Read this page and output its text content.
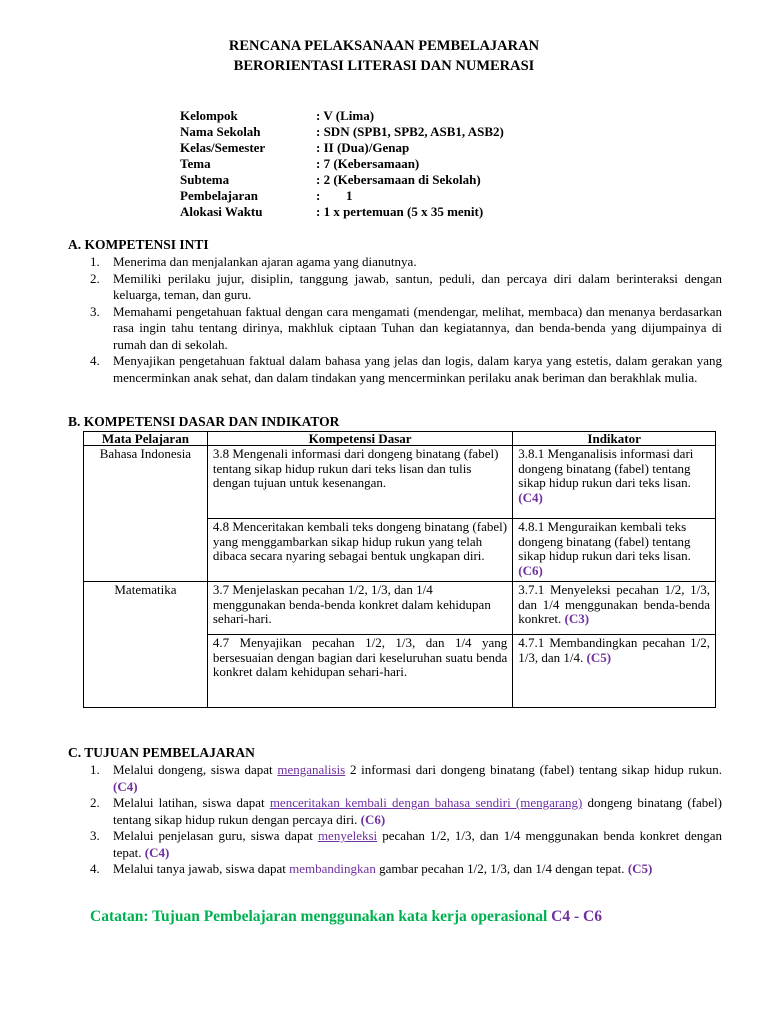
RENCANA PELAKSANAAN PEMBELAJARAN
BERORIENTASI LITERASI DAN NUMERASI
Kelompok	: V (Lima)
Nama Sekolah	: SDN (SPB1, SPB2, ASB1, ASB2)
Kelas/Semester	: II (Dua)/Genap
Tema	: 7 (Kebersamaan)
Subtema	: 2 (Kebersamaan di Sekolah)
Pembelajaran	:	1
Alokasi Waktu	: 1 x pertemuan (5 x 35 menit)
A. KOMPETENSI INTI
1. Menerima dan menjalankan ajaran agama yang dianutnya.
2. Memiliki perilaku jujur, disiplin, tanggung jawab, santun, peduli, dan percaya diri dalam berinteraksi dengan keluarga, teman, dan guru.
3. Memahami pengetahuan faktual dengan cara mengamati (mendengar, melihat, membaca) dan menanya berdasarkan rasa ingin tahu tentang dirinya, makhluk ciptaan Tuhan dan kegiatannya, dan benda-benda yang dijumpainya di rumah dan di sekolah.
4. Menyajikan pengetahuan faktual dalam bahasa yang jelas dan logis, dalam karya yang estetis, dalam gerakan yang mencerminkan anak sehat, dan dalam tindakan yang mencerminkan perilaku anak beriman dan berakhlak mulia.
B. KOMPETENSI DASAR DAN INDIKATOR
Mata Pelajaran	Kompetensi Dasar	Indikator
Bahasa Indonesia	3.8 Mengenali informasi dari dongeng binatang (fabel) tentang sikap hidup rukun dari teks lisan dan tulis dengan tujuan untuk kesenangan.	3.8.1 Menganalisis informasi dari dongeng binatang (fabel) tentang sikap hidup rukun dari teks lisan. (C4)
	4.8 Menceritakan kembali teks dongeng binatang (fabel) yang menggambarkan sikap hidup rukun yang telah dibaca secara nyaring sebagai bentuk ungkapan diri.	4.8.1 Menguraikan kembali teks dongeng binatang (fabel) tentang sikap hidup rukun dari teks lisan. (C6)
Matematika	3.7 Menjelaskan pecahan 1/2, 1/3, dan 1/4 menggunakan benda-benda konkret dalam kehidupan sehari-hari.	3.7.1 Menyeleksi pecahan 1/2, 1/3, dan 1/4 menggunakan benda-benda konkret. (C3)
	4.7 Menyajikan pecahan 1/2, 1/3, dan 1/4 yang bersesuaian dengan bagian dari keseluruhan suatu benda konkret dalam kehidupan sehari-hari.	4.7.1 Membandingkan pecahan 1/2, 1/3, dan 1/4. (C5)
C. TUJUAN PEMBELAJARAN
1. Melalui dongeng, siswa dapat menganalisis 2 informasi dari dongeng binatang (fabel) tentang sikap hidup rukun. (C4)
2. Melalui latihan, siswa dapat menceritakan kembali dengan bahasa sendiri (mengarang) dongeng binatang (fabel) tentang sikap hidup rukun dengan percaya diri. (C6)
3. Melalui penjelasan guru, siswa dapat menyeleksi pecahan 1/2, 1/3, dan 1/4 menggunakan benda konkret dengan tepat. (C4)
4. Melalui tanya jawab, siswa dapat membandingkan gambar pecahan 1/2, 1/3, dan 1/4 dengan tepat. (C5)
Catatan: Tujuan Pembelajaran menggunakan kata kerja operasional C4 - C6
